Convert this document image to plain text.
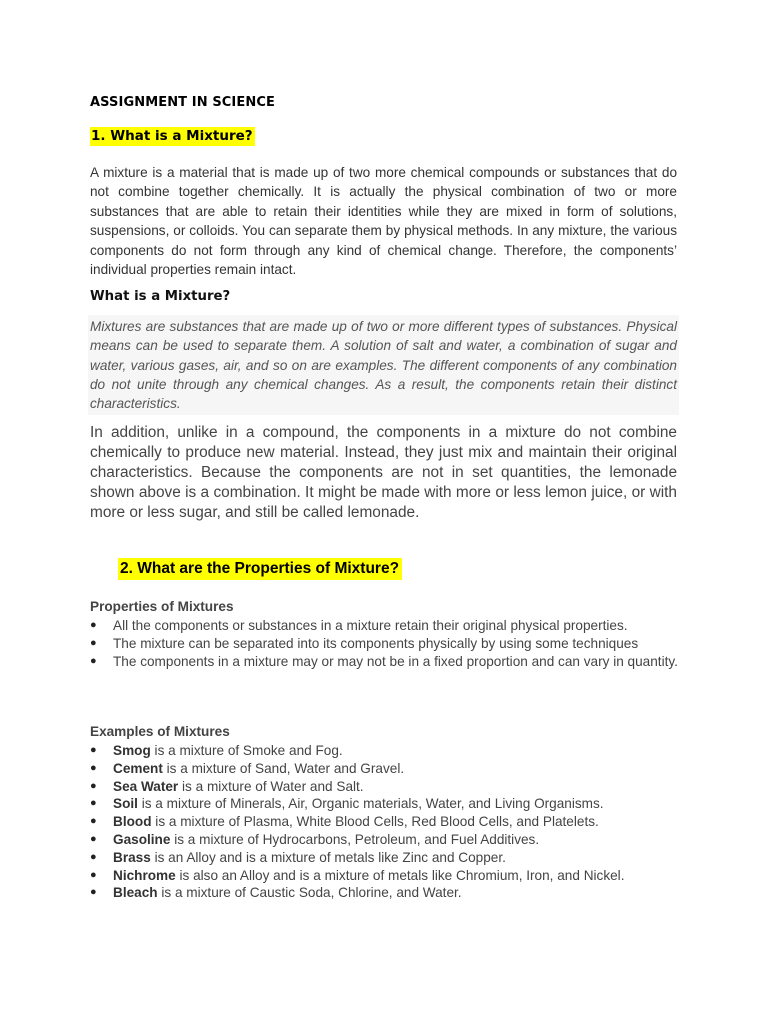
ASSIGNMENT IN SCIENCE
1. What is a Mixture?

A mixture is a material that is made up of two more chemical compounds or substances that do not combine together chemically. It is actually the physical combination of two or more substances that are able to retain their identities while they are mixed in form of solutions, suspensions, or colloids. You can separate them by physical methods. In any mixture, the various components do not form through any kind of chemical change. Therefore, the components’ individual properties remain intact.

What is a Mixture?

Mixtures are substances that are made up of two or more different types of substances. Physical means can be used to separate them. A solution of salt and water, a combination of sugar and water, various gases, air, and so on are examples. The different components of any combination do not unite through any chemical changes. As a result, the components retain their distinct characteristics.

In addition, unlike in a compound, the components in a mixture do not combine chemically to produce new material. Instead, they just mix and maintain their original characteristics. Because the components are not in set quantities, the lemonade shown above is a combination. It might be made with more or less lemon juice, or with more or less sugar, and still be called lemonade.

2. What are the Properties of Mixture?
Properties of Mixtures
● All the components or substances in a mixture retain their original physical properties.
● The mixture can be separated into its components physically by using some techniques
● The components in a mixture may or may not be in a fixed proportion and can vary in quantity.
Examples of Mixtures
● Smog is a mixture of Smoke and Fog.
● Cement is a mixture of Sand, Water and Gravel.
● Sea Water is a mixture of Water and Salt.
● Soil is a mixture of Minerals, Air, Organic materials, Water, and Living Organisms.
● Blood is a mixture of Plasma, White Blood Cells, Red Blood Cells, and Platelets.
● Gasoline is a mixture of Hydrocarbons, Petroleum, and Fuel Additives.
● Brass is an Alloy and is a mixture of metals like Zinc and Copper.
● Nichrome is also an Alloy and is a mixture of metals like Chromium, Iron, and Nickel.
● Bleach is a mixture of Caustic Soda, Chlorine, and Water.
